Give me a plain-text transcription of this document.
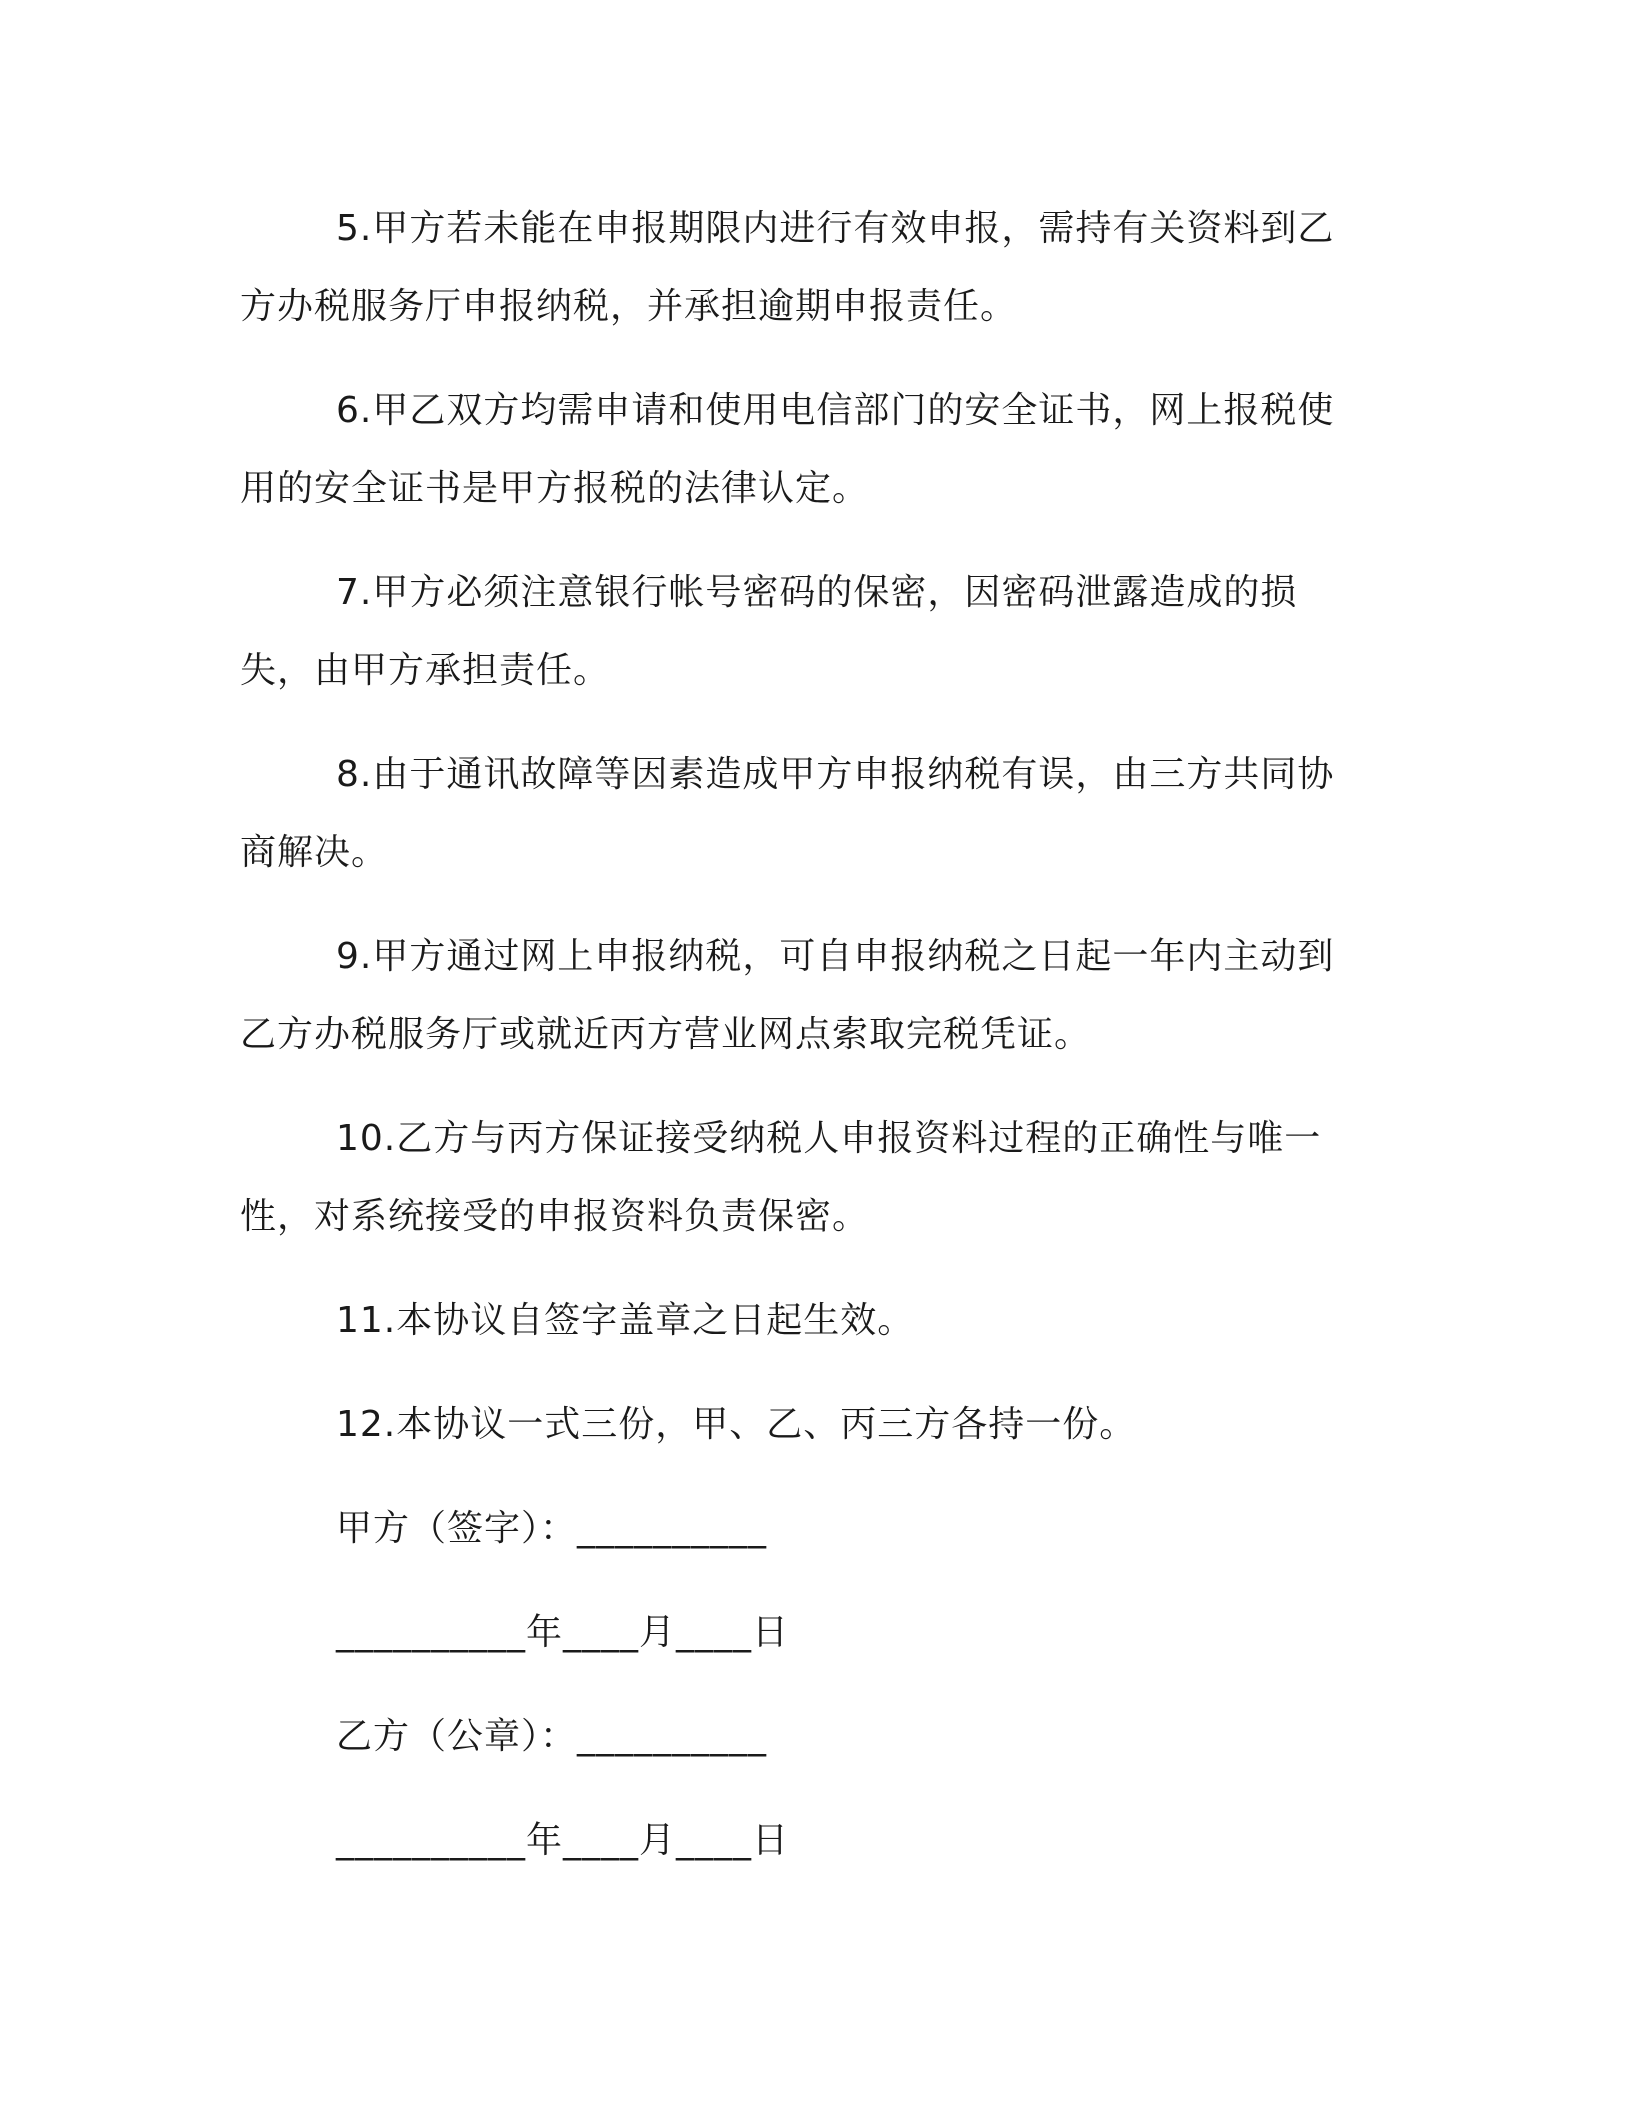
5.甲方若未能在申报期限内进行有效申报，需持有关资料到乙方办税服务厅申报纳税，并承担逾期申报责任。

6.甲乙双方均需申请和使用电信部门的安全证书，网上报税使用的安全证书是甲方报税的法律认定。

7.甲方必须注意银行帐号密码的保密，因密码泄露造成的损失，由甲方承担责任。

8.由于通讯故障等因素造成甲方申报纳税有误，由三方共同协商解决。

9.甲方通过网上申报纳税，可自申报纳税之日起一年内主动到乙方办税服务厅或就近丙方营业网点索取完税凭证。

10.乙方与丙方保证接受纳税人申报资料过程的正确性与唯一性，对系统接受的申报资料负责保密。

11.本协议自签字盖章之日起生效。

12.本协议一式三份，甲、乙、丙三方各持一份。

甲方（签字）：__________
__________年____月____日
乙方（公章）：__________
__________年____月____日
